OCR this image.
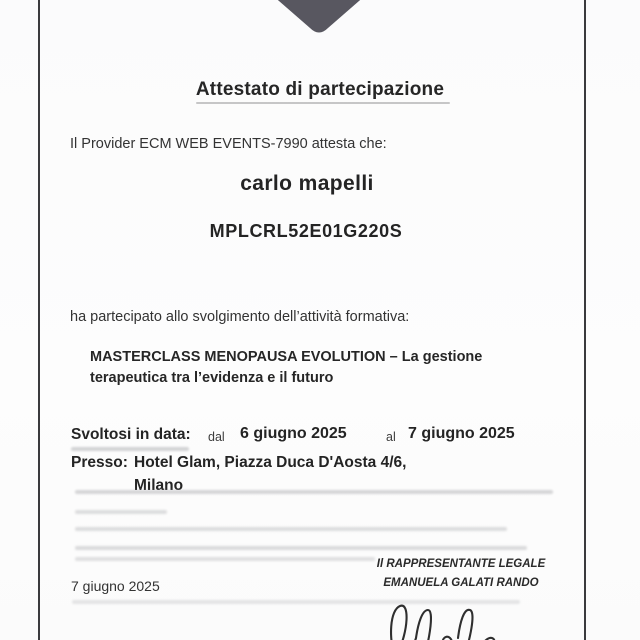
Attestato di partecipazione
Il Provider ECM WEB EVENTS-7990 attesta che:
carlo mapelli
MPLCRL52E01G220S
ha partecipato allo svolgimento dell’attività formativa:
MASTERCLASS MENOPAUSA EVOLUTION – La gestione
terapeutica tra l’evidenza e il futuro
Svoltosi in data: dal 6 giugno 2025	al 7 giugno 2025
Presso: Hotel Glam, Piazza Duca D'Aosta 4/6,
Milano
Il RAPPRESENTANTE LEGALE
EMANUELA GALATI RANDO
7 giugno 2025
